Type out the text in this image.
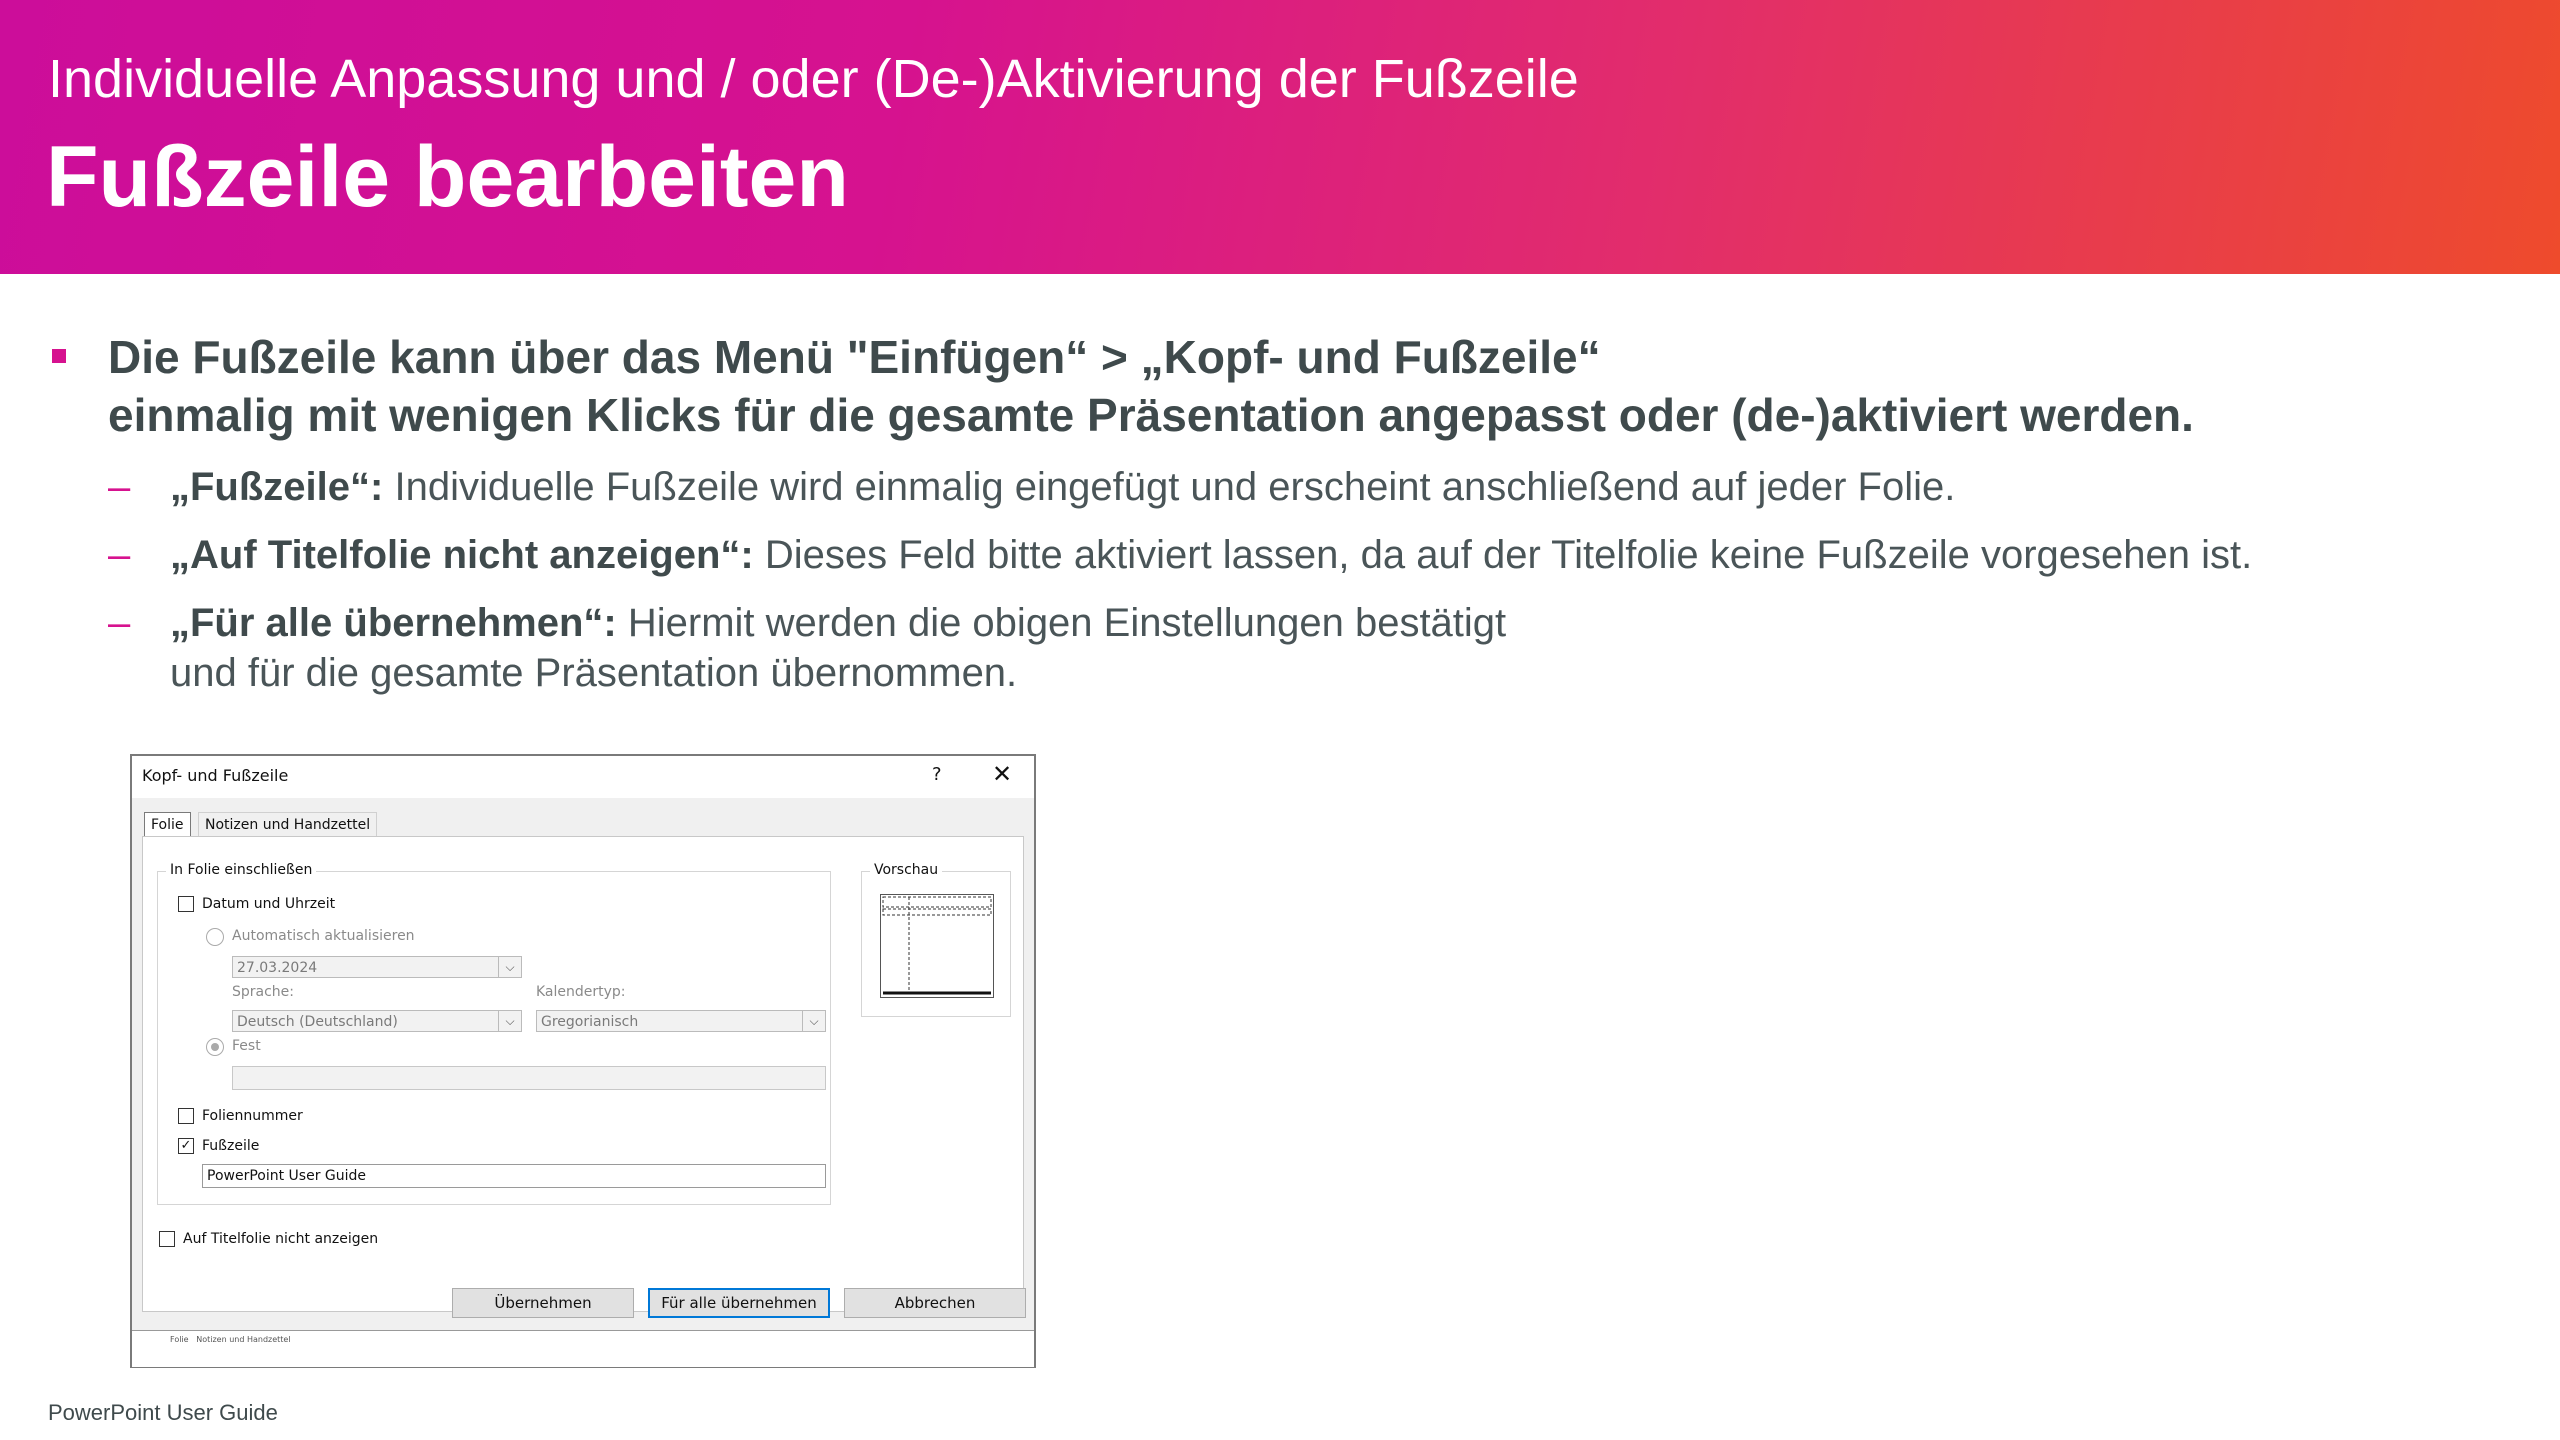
Individuelle Anpassung und / oder (De-)Aktivierung der Fußzeile
Fußzeile bearbeiten
Die Fußzeile kann über das Menü "Einfügen“ > „Kopf- und Fußzeile“
einmalig mit wenigen Klicks für die gesamte Präsentation angepasst oder (de-)aktiviert werden.
– „Fußzeile“: Individuelle Fußzeile wird einmalig eingefügt und erscheint anschließend auf jeder Folie.
– „Auf Titelfolie nicht anzeigen“: Dieses Feld bitte aktiviert lassen, da auf der Titelfolie keine Fußzeile vorgesehen ist.
– „Für alle übernehmen“: Hiermit werden die obigen Einstellungen bestätigt
und für die gesamte Präsentation übernommen.
Kopf- und Fußzeile	? ✕
Folie	Notizen und Handzettel
In Folie einschließen
Datum und Uhrzeit
Automatisch aktualisieren
27.03.2024	⌵
Sprache:	Kalendertyp:
Deutsch (Deutschland)	⌵	Gregorianisch	⌵
Fest
Foliennummer
✓ Fußzeile
PowerPoint User Guide
Auf Titelfolie nicht anzeigen
Vorschau
Übernehmen	Für alle übernehmen	Abbrechen
Folie Notizen und Handzettel
PowerPoint User Guide
